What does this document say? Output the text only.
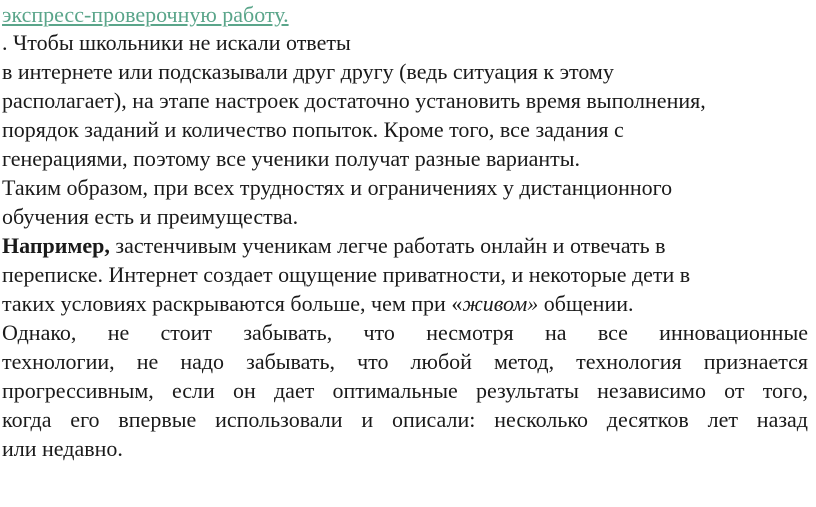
экспресс-проверочную работу.

. Чтобы школьники не искали ответы

в интернете или подсказывали друг другу (ведь ситуация к этому

располагает), на этапе настроек достаточно установить время выполнения,

порядок заданий и количество попыток. Кроме того, все задания с

генерациями, поэтому все ученики получат разные варианты.

Таким образом, при всех трудностях и ограничениях у дистанционного

обучения есть и преимущества.

Например, застенчивым ученикам легче работать онлайн и отвечать в

переписке. Интернет создает ощущение приватности, и некоторые дети в

таких условиях раскрываются больше, чем при «живом» общении.

Однако, не стоит забывать, что несмотря на все инновационные

технологии, не надо забывать, что любой метод, технология признается

прогрессивным, если он дает оптимальные результаты независимо от того,

когда его впервые использовали и описали: несколько десятков лет назад

или недавно.
